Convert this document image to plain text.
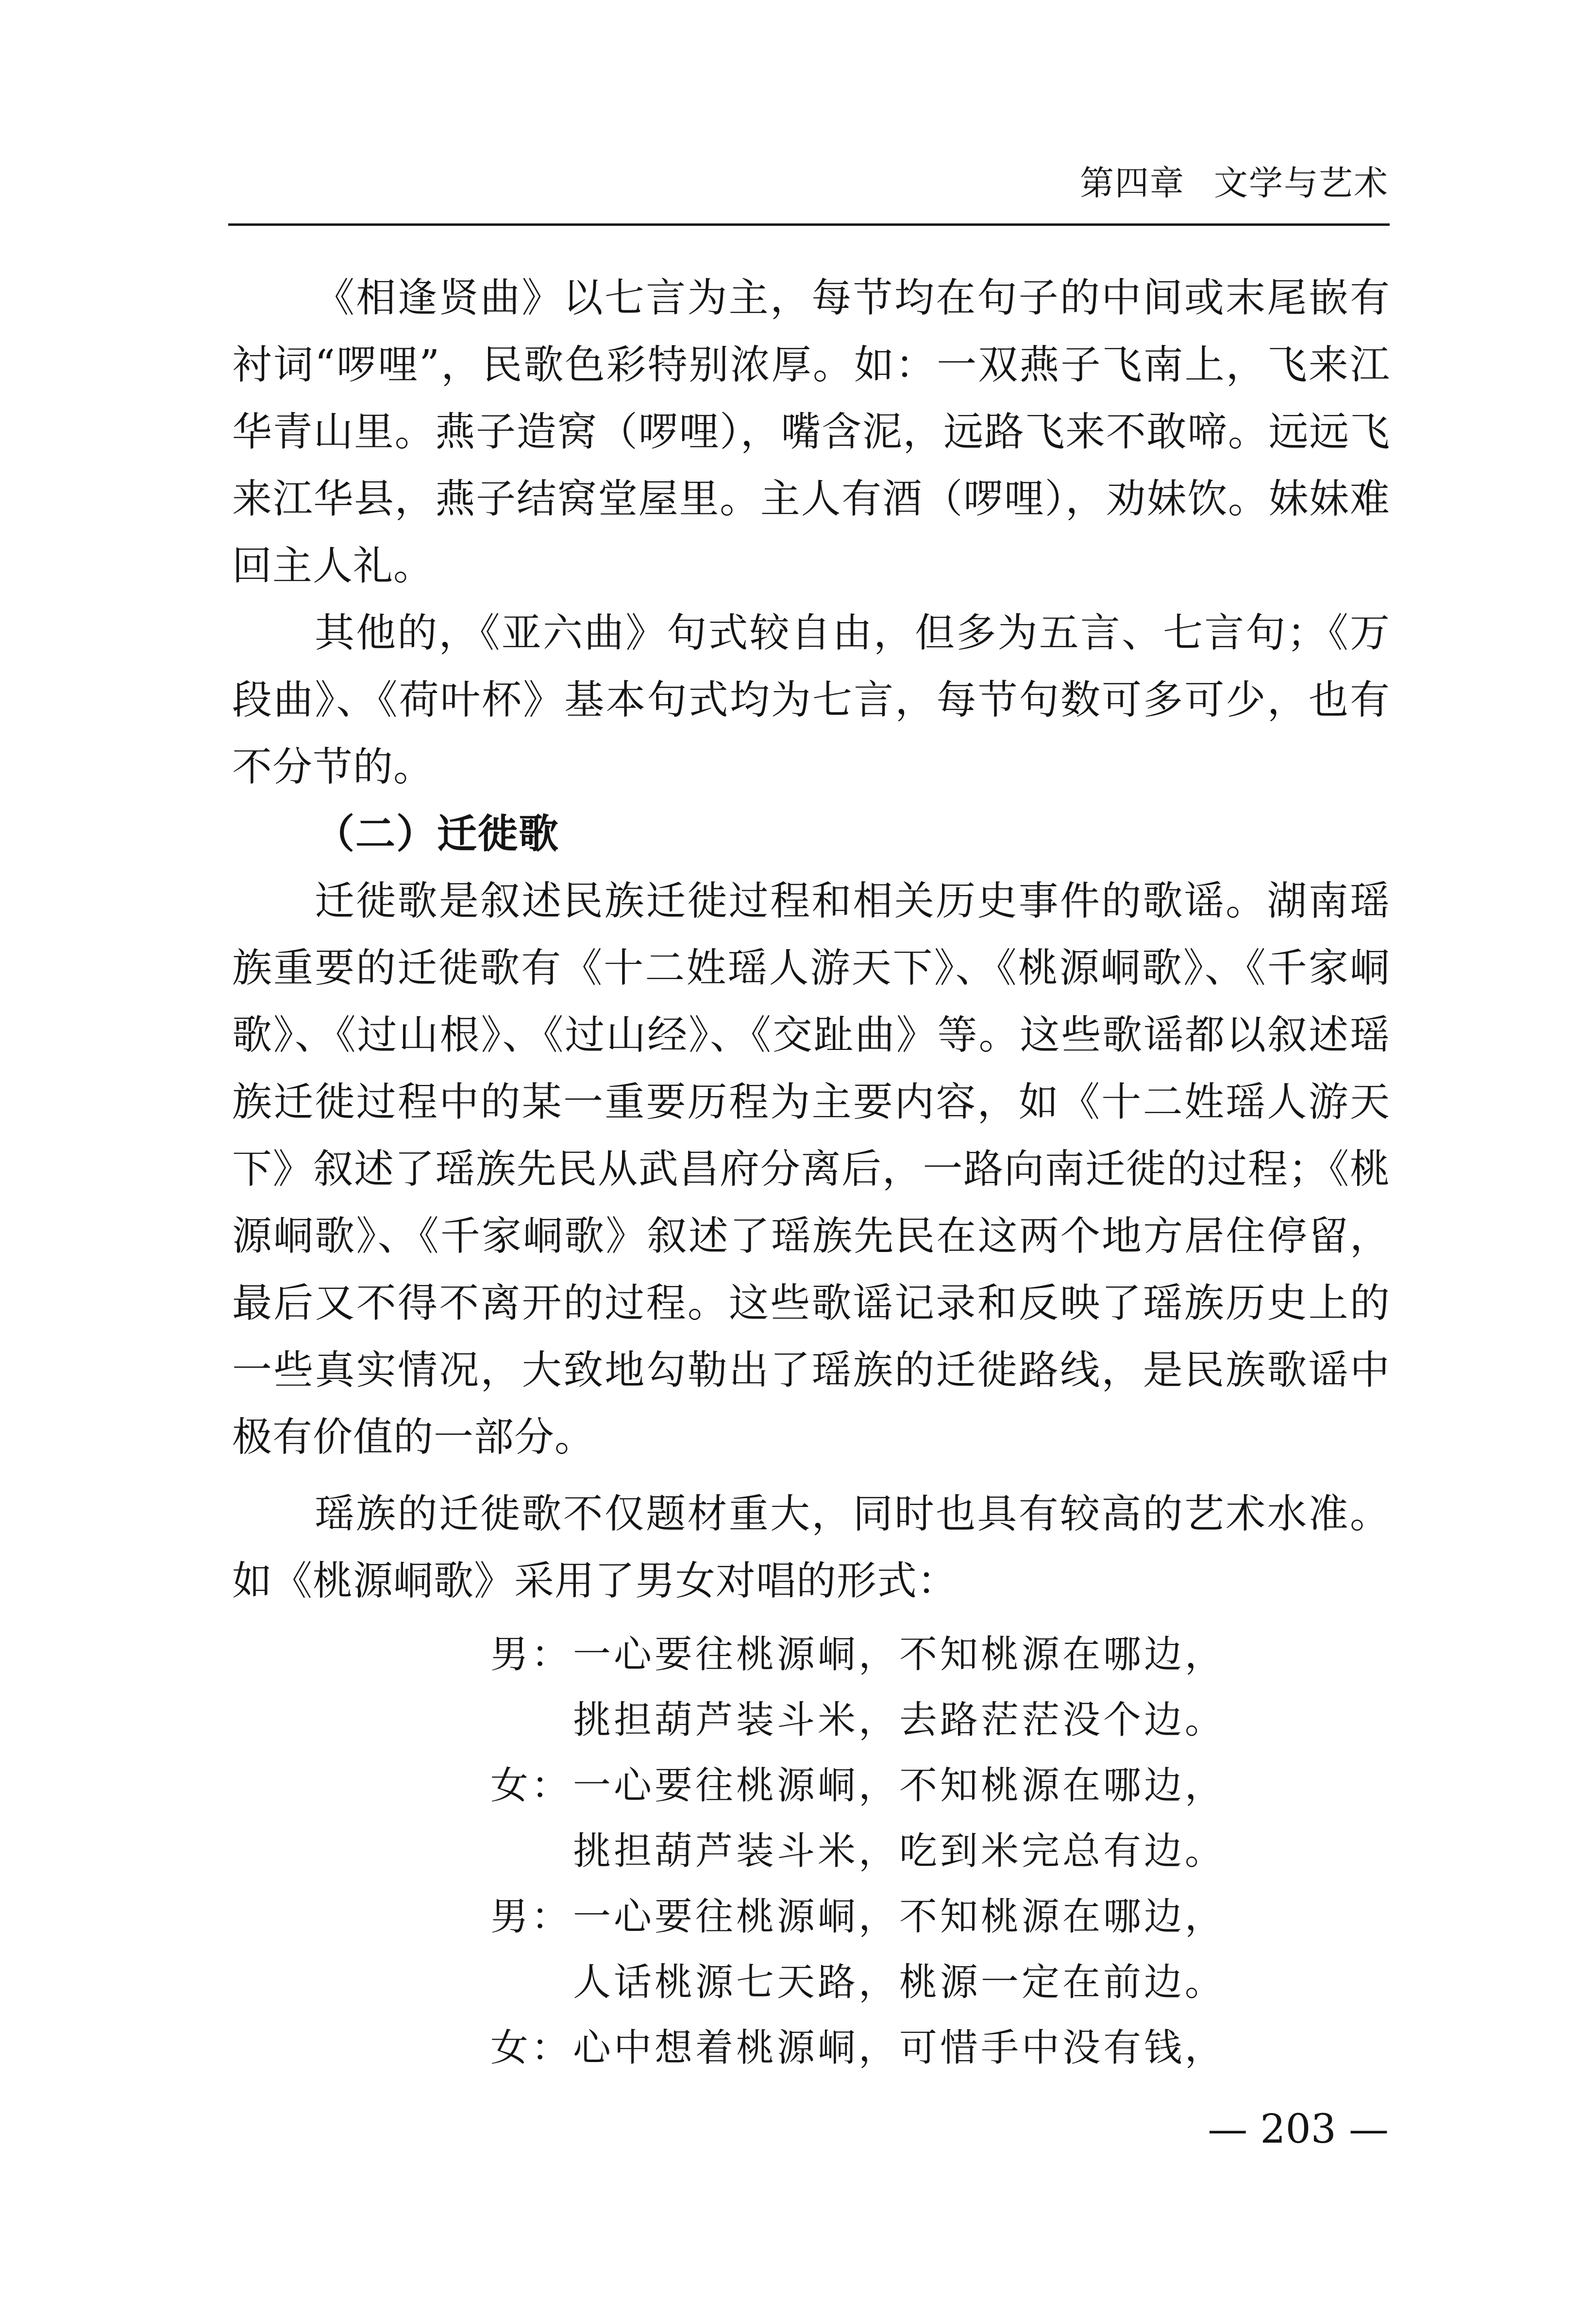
第四章 文学与艺术

《相逢贤曲》以七言为主，每节均在句子的中间或末尾嵌有衬词“啰哩”，民歌色彩特别浓厚。如：一双燕子飞南上，飞来江华青山里。燕子造窝（啰哩），嘴含泥，远路飞来不敢啼。远远飞来江华县，燕子结窝堂屋里。主人有酒（啰哩），劝妹饮。妹妹难回主人礼。

其他的，《亚六曲》句式较自由，但多为五言、七言句；《万段曲》、《荷叶杯》基本句式均为七言，每节句数可多可少，也有不分节的。

（二）迁徙歌

迁徙歌是叙述民族迁徙过程和相关历史事件的歌谣。湖南瑶族重要的迁徙歌有《十二姓瑶人游天下》、《桃源峒歌》、《千家峒歌》、《过山根》、《过山经》、《交趾曲》等。这些歌谣都以叙述瑶族迁徙过程中的某一重要历程为主要内容，如《十二姓瑶人游天下》叙述了瑶族先民从武昌府分离后，一路向南迁徙的过程；《桃源峒歌》、《千家峒歌》叙述了瑶族先民在这两个地方居住停留，最后又不得不离开的过程。这些歌谣记录和反映了瑶族历史上的一些真实情况，大致地勾勒出了瑶族的迁徙路线，是民族歌谣中极有价值的一部分。

瑶族的迁徙歌不仅题材重大，同时也具有较高的艺术水准。如《桃源峒歌》采用了男女对唱的形式：

男：一心要往桃源峒，不知桃源在哪边，
挑担葫芦装斗米，去路茫茫没个边。
女：一心要往桃源峒，不知桃源在哪边，
挑担葫芦装斗米，吃到米完总有边。
男：一心要往桃源峒，不知桃源在哪边，
人话桃源七天路，桃源一定在前边。
女：心中想着桃源峒，可惜手中没有钱，
— 203 —
